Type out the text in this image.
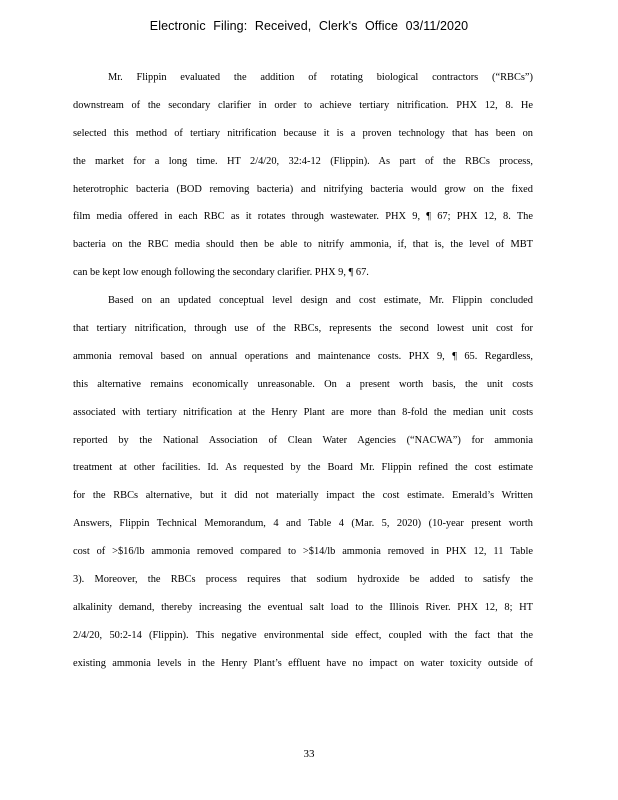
Electronic Filing: Received, Clerk's Office 03/11/2020
Mr. Flippin evaluated the addition of rotating biological contractors (“RBCs”)
downstream of the secondary clarifier in order to achieve tertiary nitrification. PHX 12, 8. He
selected this method of tertiary nitrification because it is a proven technology that has been on
the market for a long time. HT 2/4/20, 32:4-12 (Flippin). As part of the RBCs process,
heterotrophic bacteria (BOD removing bacteria) and nitrifying bacteria would grow on the fixed
film media offered in each RBC as it rotates through wastewater. PHX 9, ¶ 67; PHX 12, 8. The
bacteria on the RBC media should then be able to nitrify ammonia, if, that is, the level of MBT
can be kept low enough following the secondary clarifier. PHX 9, ¶ 67.
Based on an updated conceptual level design and cost estimate, Mr. Flippin concluded
that tertiary nitrification, through use of the RBCs, represents the second lowest unit cost for
ammonia removal based on annual operations and maintenance costs. PHX 9, ¶ 65. Regardless,
this alternative remains economically unreasonable. On a present worth basis, the unit costs
associated with tertiary nitrification at the Henry Plant are more than 8-fold the median unit costs
reported by the National Association of Clean Water Agencies (“NACWA”) for ammonia
treatment at other facilities. Id. As requested by the Board Mr. Flippin refined the cost estimate
for the RBCs alternative, but it did not materially impact the cost estimate. Emerald’s Written
Answers, Flippin Technical Memorandum, 4 and Table 4 (Mar. 5, 2020) (10-year present worth
cost of >$16/lb ammonia removed compared to >$14/lb ammonia removed in PHX 12, 11 Table
3). Moreover, the RBCs process requires that sodium hydroxide be added to satisfy the
alkalinity demand, thereby increasing the eventual salt load to the Illinois River. PHX 12, 8; HT
2/4/20, 50:2-14 (Flippin). This negative environmental side effect, coupled with the fact that the
existing ammonia levels in the Henry Plant’s effluent have no impact on water toxicity outside of
33
